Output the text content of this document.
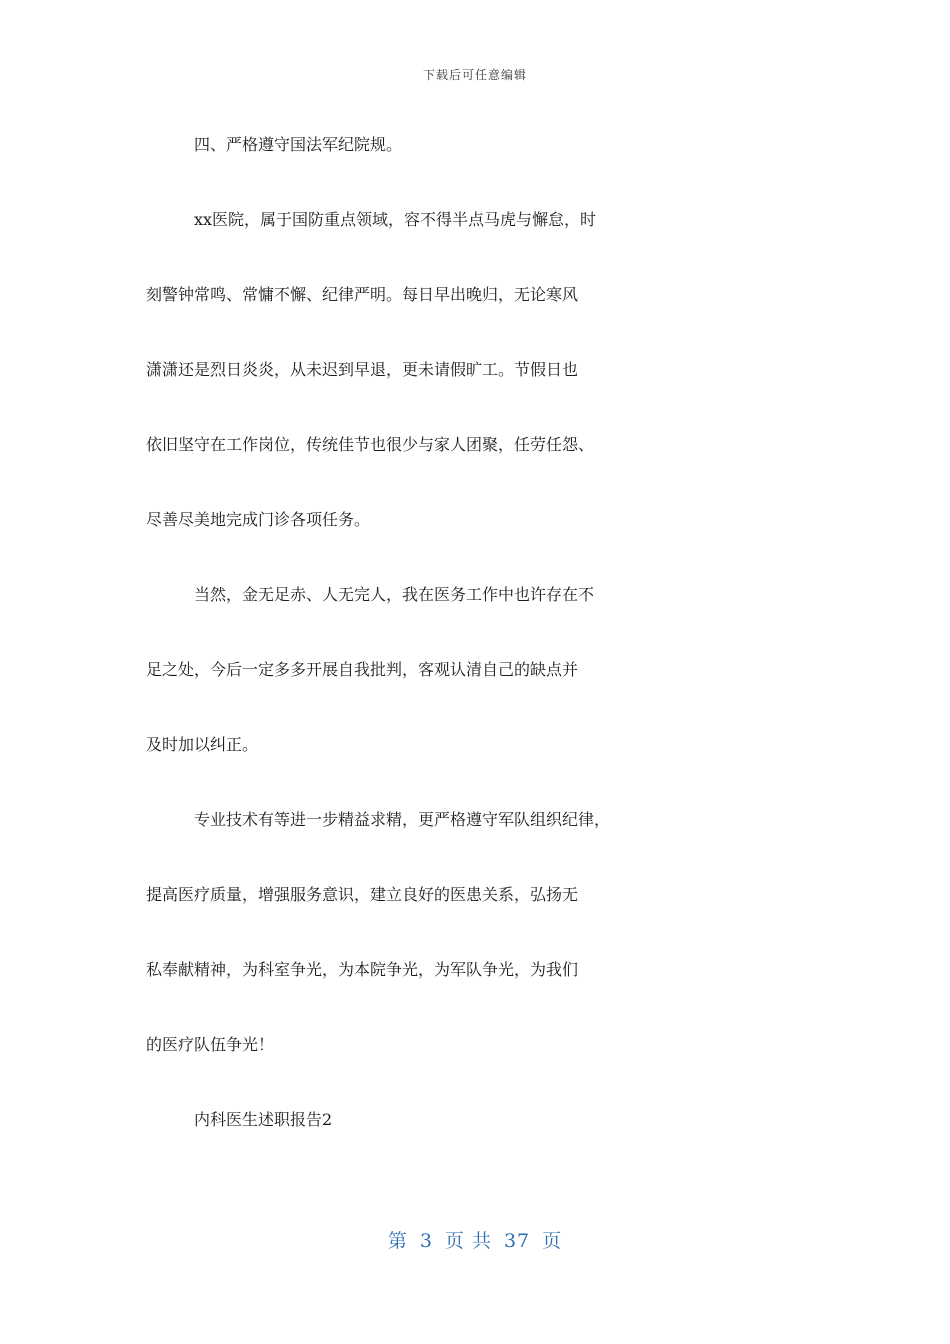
下载后可任意编辑
四、严格遵守国法军纪院规。
xx医院，属于国防重点领域，容不得半点马虎与懈怠，时
刻警钟常鸣、常慵不懈、纪律严明。每日早出晚归，无论寒风
潇潇还是烈日炎炎，从未迟到早退，更未请假旷工。节假日也
依旧坚守在工作岗位，传统佳节也很少与家人团聚，任劳任怨、
尽善尽美地完成门诊各项任务。
当然，金无足赤、人无完人，我在医务工作中也许存在不
足之处，今后一定多多开展自我批判，客观认清自己的缺点并
及时加以纠正。
专业技术有等进一步精益求精，更严格遵守军队组织纪律，
提高医疗质量，增强服务意识，建立良好的医患关系，弘扬无
私奉献精神，为科室争光，为本院争光，为军队争光，为我们
的医疗队伍争光！
内科医生述职报告2
第 3 页 共 37 页
